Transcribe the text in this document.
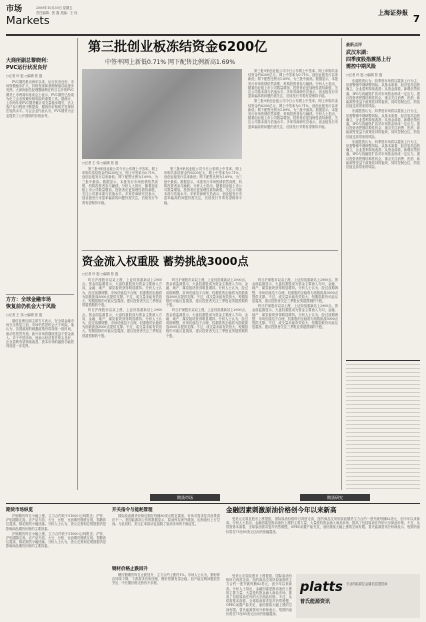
市场
Markets
2009年10月30日 星期五
责任编辑：张 磊 美编：王 伟	上海证券报
7
大商所副总黎晓利：
PVC运行状况良好
○记者 叶 挺 ○编辑 张 磊

PVC期货推出两年以来，运行状况良好，市场规模稳步扩大，价格发现和套期保值功能逐步发挥。大商所副总经理黎晓利在昨日召开的PVC期货上市两周年座谈会上表示，PVC期货已经成为化工企业规避价格风险的重要工具。据统计，上市两年来PVC期货累计成交量稳步增长，法人客户参与程度不断提高，期现货价格相关性保持在较高水平。与会企业代表认为，PVC期货为企业提供了公开透明的价格参考。

方方：全球金融市场
恢复前仍机会大于风险
○记者 王 伟 ○编辑 张 磊

瑞信亚洲区副主席方方表示，在全球金融市场完全恢复之前，市场仍然是机会大于风险。他认为，各国政府的刺激政策仍将持续一段时间，流动性依然充裕，新兴市场将继续受益于资金流入。对于中国市场，他表示经济复苏势头良好，企业盈利有望持续改善，资本市场的融资功能将得到进一步发挥。

第三批创业板冻结资金6200亿
中签率网上新低0.71% 网下配售比例新高1.69%
○记者 王 伟 ○编辑 张 磊

第三批9家创业板公司今日公布网上中签率。网上申购共冻结资金约6200亿元，网上中签率为0.71%，创创业板发行以来新低；网下配售比例为1.69%，为三批中最高。数据显示，本批发行市场热情依然高涨，机构投资者参与踊跃。分析人士指出，随着创业板上市公司数量增加，投资者应更加理性看待新股，关注公司基本面与估值水平。多家券商研究员表示，创业板发行市盈率偏高的问题仍需关注，后续发行节奏有望保持平稳。

第三批9家创业板公司今日公布网上中签率。网上申购共冻结资金约6200亿元，网上中签率为0.71%，创创业板发行以来新低；网下配售比例为1.69%，为三批中最高。数据显示，本批发行市场热情依然高涨，机构投资者参与踊跃。分析人士指出，随着创业板上市公司数量增加，投资者应更加理性看待新股，关注公司基本面与估值水平。多家券商研究员表示，创业板发行市盈率偏高的问题仍需关注，后续发行节奏有望保持平稳。

第三批9家创业板公司今日公布网上中签率。网上申购共冻结资金约6200亿元，网上中签率为0.71%，创创业板发行以来新低；网下配售比例为1.69%，为三批中最高。数据显示，本批发行市场热情依然高涨，机构投资者参与踊跃。分析人士指出，随着创业板上市公司数量增加，投资者应更加理性看待新股，关注公司基本面与估值水平。多家券商研究员表示，创业板发行市盈率偏高的问题仍需关注，后续发行节奏有望保持平稳。

第三批9家创业板公司今日公布网上中签率。网上申购共冻结资金约6200亿元，网上中签率为0.71%，创创业板发行以来新低；网下配售比例为1.69%，为三批中最高。数据显示，本批发行市场热情依然高涨，机构投资者参与踊跃。分析人士指出，随着创业板上市公司数量增加，投资者应更加理性看待新股，关注公司基本面与估值水平。多家券商研究员表示，创业板发行市盈率偏高的问题仍需关注，后续发行节奏有望保持平稳。

最新点评
武汉东湖：
四季度股指震荡上行
需控中期风险
○记者 叶 挺 ○编辑 张 磊

东湖投资认为，四季度市场将以震荡上行为主，但需警惕中期调整风险。从基本面看，经济复苏趋势确立，企业盈利持续改善；从资金面看，新增信贷回落，IPO与再融资扩容对市场资金形成一定压力。建议投资者把握结构性机会，重点关注消费、医药、新能源等受益于政策扶持的板块，同时控制仓位，防范估值过高带来的风险。

东湖投资认为，四季度市场将以震荡上行为主，但需警惕中期调整风险。从基本面看，经济复苏趋势确立，企业盈利持续改善；从资金面看，新增信贷回落，IPO与再融资扩容对市场资金形成一定压力。建议投资者把握结构性机会，重点关注消费、医药、新能源等受益于政策扶持的板块，同时控制仓位，防范估值过高带来的风险。

东湖投资认为，四季度市场将以震荡上行为主，但需警惕中期调整风险。从基本面看，经济复苏趋势确立，企业盈利持续改善；从资金面看，新增信贷回落，IPO与再融资扩容对市场资金形成一定压力。建议投资者把握结构性机会，重点关注消费、医药、新能源等受益于政策扶持的板块，同时控制仓位，防范估值过高带来的风险。

资金流入权重股 蓄势挑战3000点
○记者 叶 挺 ○编辑 张 磊

昨日沪深股市双双上涨，上证综指重新站上2900点。资金面监测显示，大盘权重股成为资金主要流入方向，金融、地产、煤炭板块获得明显增持。分析人士认为，经过前期调整，市场估值趋于合理，权重股的企稳将为指数挑战3000点提供支撑。不过，成交量未能有效放大，短期指数仍可能反复震荡，建议投资者关注三季报业绩超预期的个股。

昨日沪深股市双双上涨，上证综指重新站上2900点。资金面监测显示，大盘权重股成为资金主要流入方向，金融、地产、煤炭板块获得明显增持。分析人士认为，经过前期调整，市场估值趋于合理，权重股的企稳将为指数挑战3000点提供支撑。不过，成交量未能有效放大，短期指数仍可能反复震荡，建议投资者关注三季报业绩超预期的个股。

昨日沪深股市双双上涨，上证综指重新站上2900点。资金面监测显示，大盘权重股成为资金主要流入方向，金融、地产、煤炭板块获得明显增持。分析人士认为，经过前期调整，市场估值趋于合理，权重股的企稳将为指数挑战3000点提供支撑。不过，成交量未能有效放大，短期指数仍可能反复震荡，建议投资者关注三季报业绩超预期的个股。

昨日沪深股市双双上涨，上证综指重新站上2900点。资金面监测显示，大盘权重股成为资金主要流入方向，金融、地产、煤炭板块获得明显增持。分析人士认为，经过前期调整，市场估值趋于合理，权重股的企稳将为指数挑战3000点提供支撑。不过，成交量未能有效放大，短期指数仍可能反复震荡，建议投资者关注三季报业绩超预期的个股。

昨日沪深股市双双上涨，上证综指重新站上2900点。资金面监测显示，大盘权重股成为资金主要流入方向，金融、地产、煤炭板块获得明显增持。分析人士认为，经过前期调整，市场估值趋于合理，权重股的企稳将为指数挑战3000点提供支撑。不过，成交量未能有效放大，短期指数仍可能反复震荡，建议投资者关注三季报业绩超预期的个股。

昨日沪深股市双双上涨，上证综指重新站上2900点。资金面监测显示，大盘权重股成为资金主要流入方向，金融、地产、煤炭板块获得明显增持。分析人士认为，经过前期调整，市场估值趋于合理，权重股的企稳将为指数挑战3000点提供支撑。不过，成交量未能有效放大，短期指数仍可能反复震荡，建议投资者关注三季报业绩超预期的个股。

期货市场	期货研究
期货市场纵览

沪铜期货昨日小幅上涨，主力合约收于51000元/吨附近；沪锌、沪铝跟随走高。农产品方面，大豆、豆粕、豆油期货涨跌互现，郑糖高位震荡，棉花期货小幅回落。分析人士认为，美元走势和宏观数据仍是影响商品期货价格的主要因素。

沪铜期货昨日小幅上涨，主力合约收于51000元/吨附近；沪锌、沪铝跟随走高。农产品方面，大豆、豆粕、豆油期货涨跌互现，郑糖高位震荡，棉花期货小幅回落。分析人士认为，美元走势和宏观数据仍是影响商品期货价格的主要因素。

开关指令与能耗管理

国际原油期货价格近期在每桶80美元附近震荡，市场对需求复苏前景看法不一。美国能源部公布的数据显示，原油库存意外增加，压制油价上行空间。与此同时，美元汇率波动也加剧了原油市场的不确定性。

钢材价格止跌回升

螺纹钢期货昨日止跌回升，主力合约上涨约1%。市场人士认为，钢材库存持续下降，下游需求有所回暖，钢价短期有望企稳。但产能过剩问题依然突出，中长期价格走势仍不乐观。

金融因素刺激原油价格创今年以来新高

受美元走弱及股市上涨提振，国际原油价格昨日再度走高，纽约商品交易所原油期货主力合约一度突破每桶82美元，创今年以来新高。分析人士指出，金融因素是推动油价上涨的主要力量，大量投机资金涌入商品市场，推高了包括原油在内的大宗商品价格。不过，从供需基本面看，全球原油需求复苏仍然缓慢，OPEC闲置产能充足，油价继续大幅上涨的空间有限。普氏能源资讯分析师表示，短期内油价将在75至85美元区间内宽幅震荡。

受美元走弱及股市上涨提振，国际原油价格昨日再度走高，纽约商品交易所原油期货主力合约一度突破每桶82美元，创今年以来新高。分析人士指出，金融因素是推动油价上涨的主要力量，大量投机资金涌入商品市场，推高了包括原油在内的大宗商品价格。不过，从供需基本面看，全球原油需求复苏仍然缓慢，OPEC闲置产能充足，油价继续大幅上涨的空间有限。普氏能源资讯分析师表示，短期内油价将在75至85美元区间内宽幅震荡。

platts
普氏能源资讯
专业的能源及金属信息提供商
